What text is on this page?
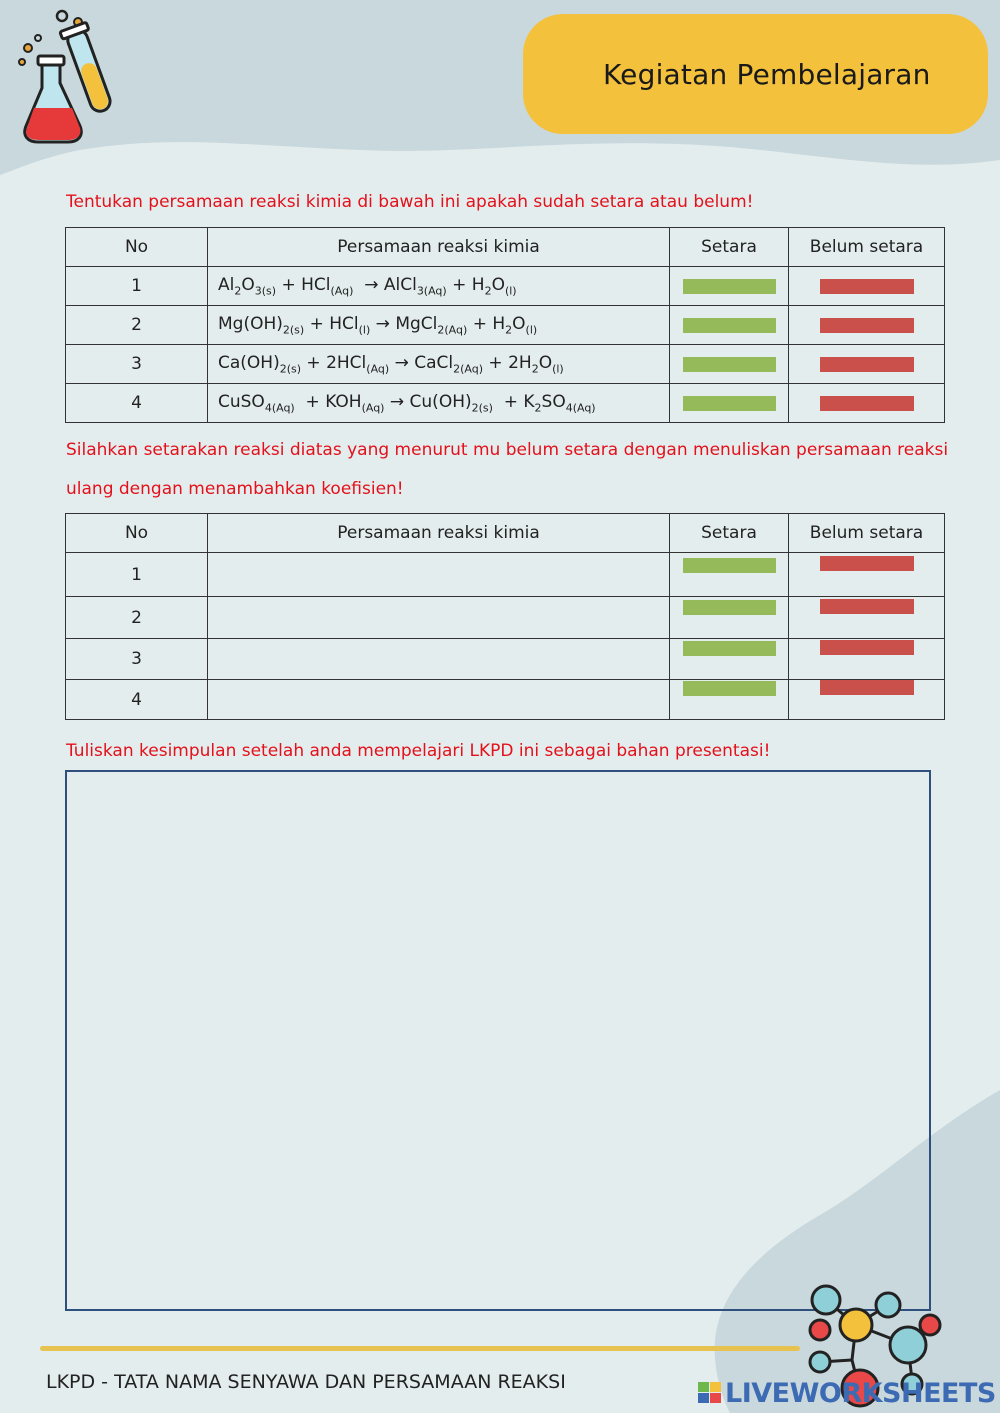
Kegiatan Pembelajaran
Tentukan persamaan reaksi kimia di bawah ini apakah sudah setara atau belum!
No	Persamaan reaksi kimia	Setara	Belum setara
1	$Al_2O_{3(s)} + HCl_{(Aq)}$  → AlCl$_{3(Aq)}$ + $H_2O_{(l)}$	

2	$Mg(OH)_{2(s)} + HCl_{(l)}$ → MgCl$_{2(Aq)}$ + $H_2O_{(l)}$	

3	$Ca(OH)_{2(s)} + 2HCl_{(Aq)}$ → CaCl$_{2(Aq)}$ + $2H_2O_{(l)}$	

4	CuSO$_{4(Aq)}$  + $KOH_{(Aq)} \to Cu(OH)_{2(s)} + K_2SO_{4(Aq)}$	

Silahkan setarakan reaksi diatas yang menurut mu belum setara dengan menuliskan persamaan reaksi
ulang dengan menambahkan koefisien!
No	Persamaan reaksi kimia	Setara	Belum setara
1		

2		

3		

4		

Tuliskan kesimpulan setelah anda mempelajari LKPD ini sebagai bahan presentasi!
LKPD - TATA NAMA SENYAWA DAN PERSAMAAN REAKSI	LIVEWORKSHEETS
